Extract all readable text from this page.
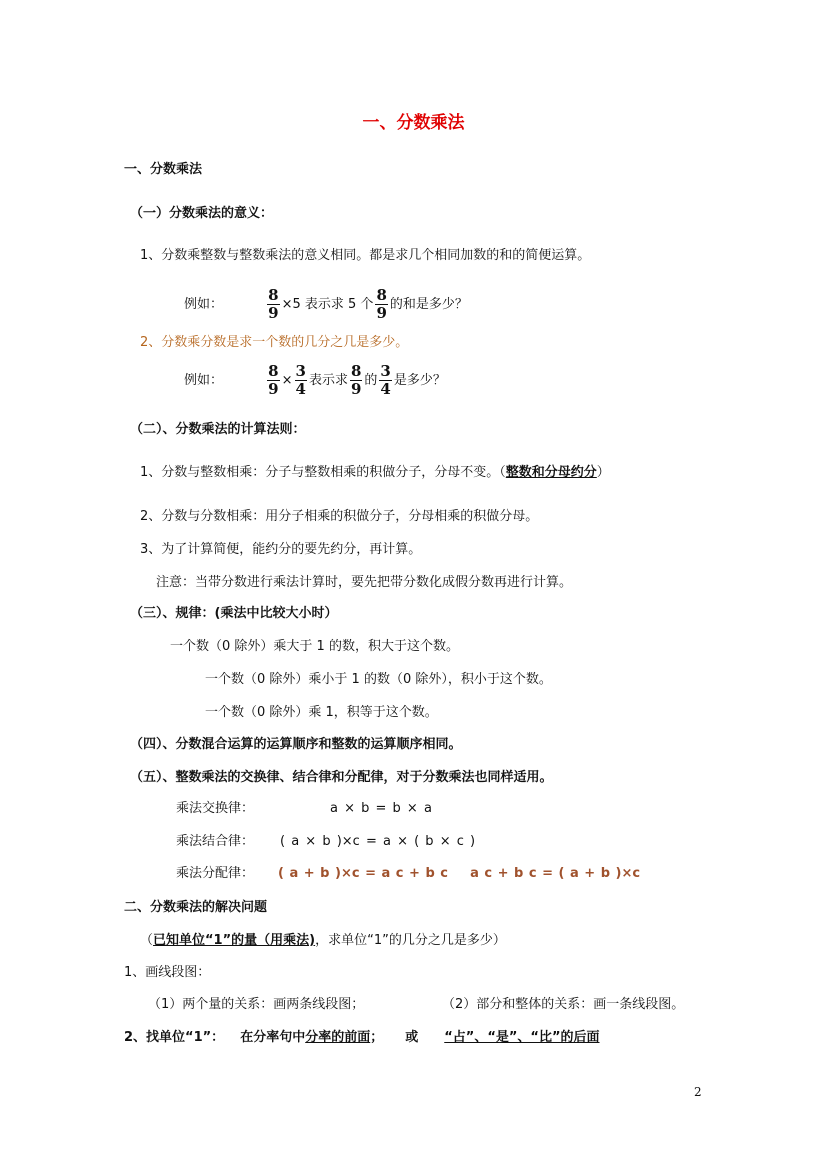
一、分数乘法
一、分数乘法
（一）分数乘法的意义：
1、分数乘整数与整数乘法的意义相同。都是求几个相同加数的和的简便运算。
例如：	$\frac{8}{9} \times 5$ 表示求 5 个 $\frac{8}{9}$ 的和是多少？
2、分数乘分数是求一个数的几分之几是多少。
例如：	$\frac{8}{9} \times \frac{3}{4}$ 表示求 $\frac{8}{9}$ 的 $\frac{3}{4}$ 是多少？
（二）、分数乘法的计算法则：
1、分数与整数相乘：分子与整数相乘的积做分子，分母不变。（整数和分母约分）
2、分数与分数相乘：用分子相乘的积做分子，分母相乘的积做分母。
3、为了计算简便，能约分的要先约分，再计算。
注意：当带分数进行乘法计算时，要先把带分数化成假分数再进行计算。
（三）、规律：(乘法中比较大小时）
一个数（0 除外）乘大于 1 的数，积大于这个数。
一个数（0 除外）乘小于 1 的数（0 除外），积小于这个数。
一个数（0 除外）乘 1，积等于这个数。
（四）、分数混合运算的运算顺序和整数的运算顺序相同。
（五）、整数乘法的交换律、结合律和分配律，对于分数乘法也同样适用。
乘法交换律：	a × b = b × a
乘法结合律： ( a × b )×c = a × ( b × c )
乘法分配律： ( a + b )×c = a c + b c    a c + b c = ( a + b )×c
二、分数乘法的解决问题
（已知单位“1”的量（用乘法)，求单位“1”的几分之几是多少）
1、画线段图：
（1）两个量的关系：画两条线段图；	（2）部分和整体的关系：画一条线段图。
2、找单位“1”： 在分率句中分率的前面； 或 “占”、“是”、“比”的后面
2
